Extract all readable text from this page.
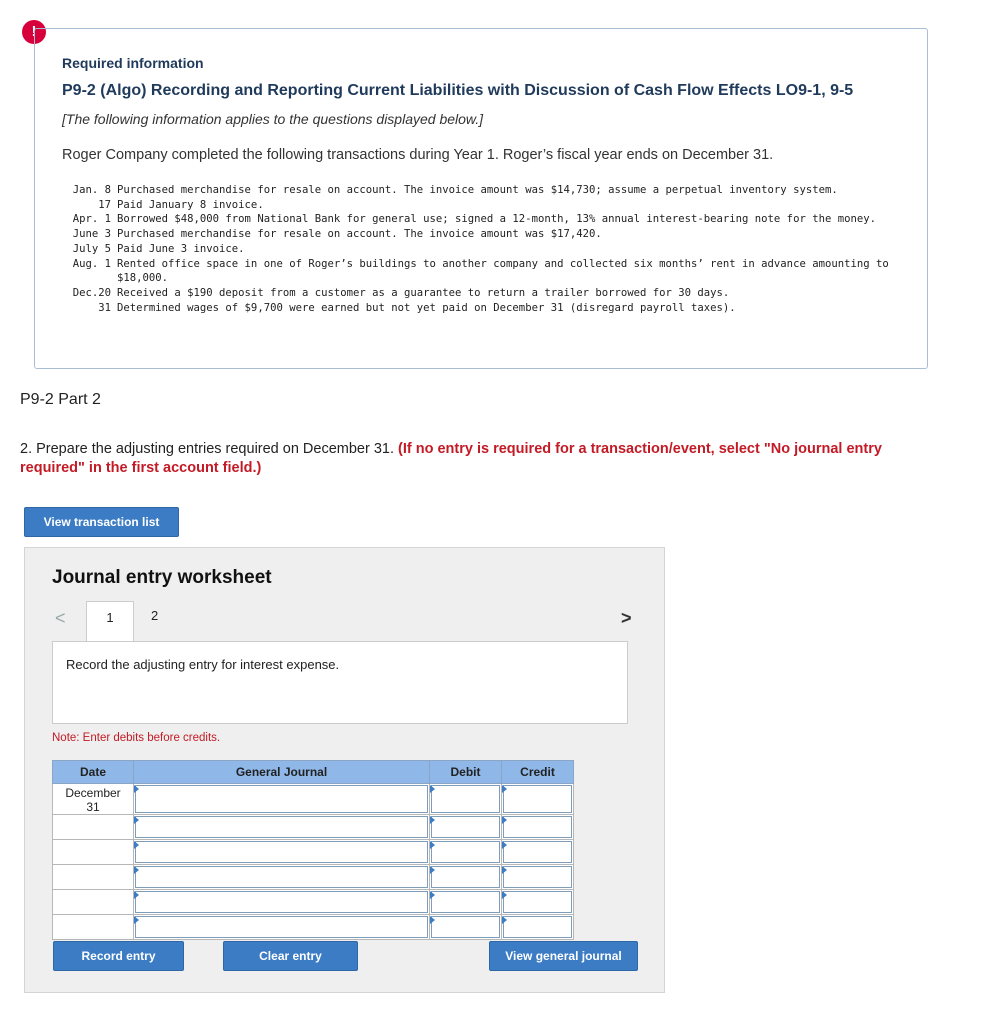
!
Required information
P9-2 (Algo) Recording and Reporting Current Liabilities with Discussion of Cash Flow Effects LO9-1, 9-5
[The following information applies to the questions displayed below.]
Roger Company completed the following transactions during Year 1. Roger’s fiscal year ends on December 31.
Jan. 8 Purchased merchandise for resale on account. The invoice amount was $14,730; assume a perpetual inventory system.
17 Paid January 8 invoice.
Apr. 1 Borrowed $48,000 from National Bank for general use; signed a 12-month, 13% annual interest-bearing note for the money.
June 3 Purchased merchandise for resale on account. The invoice amount was $17,420.
July 5 Paid June 3 invoice.
Aug. 1 Rented office space in one of Roger’s buildings to another company and collected six months’ rent in advance amounting to $18,000.
Dec.20 Received a $190 deposit from a customer as a guarantee to return a trailer borrowed for 30 days.
31 Determined wages of $9,700 were earned but not yet paid on December 31 (disregard payroll taxes).
P9-2 Part 2
2. Prepare the adjusting entries required on December 31. (If no entry is required for a transaction/event, select "No journal entry required" in the first account field.)
View transaction list
Journal entry worksheet
<	1	2	>
Record the adjusting entry for interest expense.
Note: Enter debits before credits.
Date	General Journal	Debit	Credit
December
31	

Record entry	Clear entry	View general journal
